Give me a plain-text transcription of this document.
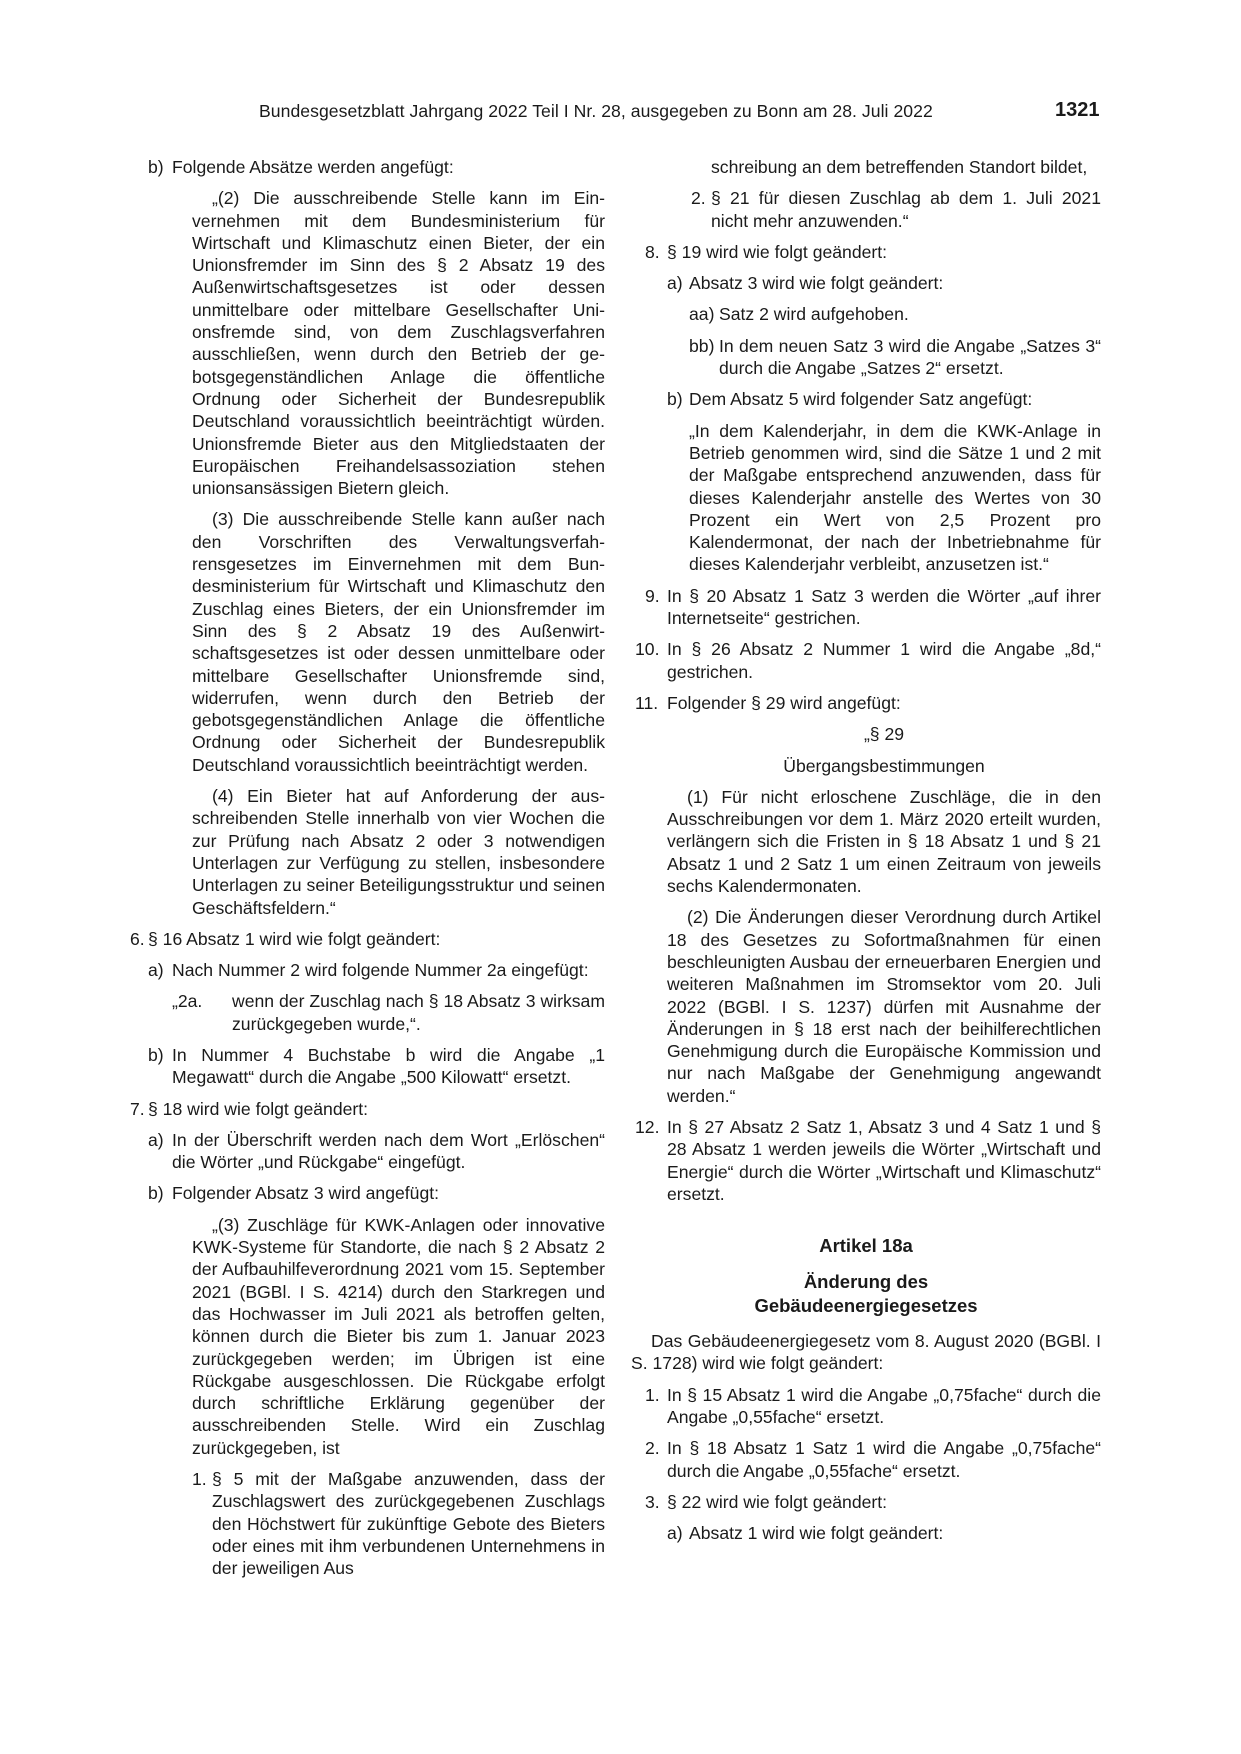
Bundesgesetzblatt Jahrgang 2022 Teil I Nr. 28, ausgegeben zu Bonn am 28. Juli 2022	1321
b) Folgende Absätze werden angefügt:
„(2) Die ausschreibende Stelle kann im Einvernehmen mit dem Bundesministerium für Wirtschaft und Klimaschutz einen Bieter, der ein Unionsfremder im Sinn des § 2 Absatz 19 des Außenwirtschaftsgesetzes ist oder dessen unmittelbare oder mittelbare Gesellschafter Unionsfremde sind, von dem Zuschlagsverfahren ausschließen, wenn durch den Betrieb der gebotsgegenständlichen Anlage die öffentliche Ordnung oder Sicherheit der Bundesrepublik Deutschland voraussichtlich beeinträchtigt würden. Unionsfremde Bieter aus den Mitgliedstaaten der Europäischen Freihandelsassoziation stehen unionsansässigen Bietern gleich.
(3) Die ausschreibende Stelle kann außer nach den Vorschriften des Verwaltungsverfahrensgesetzes im Einvernehmen mit dem Bundesministerium für Wirtschaft und Klimaschutz den Zuschlag eines Bieters, der ein Unionsfremder im Sinn des § 2 Absatz 19 des Außenwirtschaftsgesetzes ist oder dessen unmittelbare oder mittelbare Gesellschafter Unionsfremde sind, widerrufen, wenn durch den Betrieb der gebotsgegenständlichen Anlage die öffentliche Ordnung oder Sicherheit der Bundesrepublik Deutschland voraussichtlich beeinträchtigt werden.
(4) Ein Bieter hat auf Anforderung der ausschreibenden Stelle innerhalb von vier Wochen die zur Prüfung nach Absatz 2 oder 3 notwendigen Unterlagen zur Verfügung zu stellen, insbesondere Unterlagen zu seiner Beteiligungsstruktur und seinen Geschäftsfeldern.“
6. § 16 Absatz 1 wird wie folgt geändert:
a) Nach Nummer 2 wird folgende Nummer 2a eingefügt:
„2a. wenn der Zuschlag nach § 18 Absatz 3 wirksam zurückgegeben wurde,“.
b) In Nummer 4 Buchstabe b wird die Angabe „1 Megawatt“ durch die Angabe „500 Kilowatt“ ersetzt.
7. § 18 wird wie folgt geändert:
a) In der Überschrift werden nach dem Wort „Erlöschen“ die Wörter „und Rückgabe“ eingefügt.
b) Folgender Absatz 3 wird angefügt:
„(3) Zuschläge für KWK-Anlagen oder innovative KWK-Systeme für Standorte, die nach § 2 Absatz 2 der Aufbauhilfeverordnung 2021 vom 15. September 2021 (BGBl. I S. 4214) durch den Starkregen und das Hochwasser im Juli 2021 als betroffen gelten, können durch die Bieter bis zum 1. Januar 2023 zurückgegeben werden; im Übrigen ist eine Rückgabe ausgeschlossen. Die Rückgabe erfolgt durch schriftliche Erklärung gegenüber der ausschreibenden Stelle. Wird ein Zuschlag zurückgegeben, ist
1. § 5 mit der Maßgabe anzuwenden, dass der Zuschlagswert des zurückgegebenen Zuschlags den Höchstwert für zukünftige Gebote des Bieters oder eines mit ihm verbundenen Unternehmens in der jeweiligen Aus
schreibung an dem betreffenden Standort bildet,
2. § 21 für diesen Zuschlag ab dem 1. Juli 2021 nicht mehr anzuwenden.“
8. § 19 wird wie folgt geändert:
a) Absatz 3 wird wie folgt geändert:
aa) Satz 2 wird aufgehoben.
bb) In dem neuen Satz 3 wird die Angabe „Satzes 3“ durch die Angabe „Satzes 2“ ersetzt.
b) Dem Absatz 5 wird folgender Satz angefügt:
„In dem Kalenderjahr, in dem die KWK-Anlage in Betrieb genommen wird, sind die Sätze 1 und 2 mit der Maßgabe entsprechend anzuwenden, dass für dieses Kalenderjahr anstelle des Wertes von 30 Prozent ein Wert von 2,5 Prozent pro Kalendermonat, der nach der Inbetriebnahme für dieses Kalenderjahr verbleibt, anzusetzen ist.“
9. In § 20 Absatz 1 Satz 3 werden die Wörter „auf ihrer Internetseite“ gestrichen.
10. In § 26 Absatz 2 Nummer 1 wird die Angabe „8d,“ gestrichen.
11. Folgender § 29 wird angefügt:
„§ 29
Übergangsbestimmungen
(1) Für nicht erloschene Zuschläge, die in den Ausschreibungen vor dem 1. März 2020 erteilt wurden, verlängern sich die Fristen in § 18 Absatz 1 und § 21 Absatz 1 und 2 Satz 1 um einen Zeitraum von jeweils sechs Kalendermonaten.
(2) Die Änderungen dieser Verordnung durch Artikel 18 des Gesetzes zu Sofortmaßnahmen für einen beschleunigten Ausbau der erneuerbaren Energien und weiteren Maßnahmen im Stromsektor vom 20. Juli 2022 (BGBl. I S. 1237) dürfen mit Ausnahme der Änderungen in § 18 erst nach der beihilferechtlichen Genehmigung durch die Europäische Kommission und nur nach Maßgabe der Genehmigung angewandt werden.“
12. In § 27 Absatz 2 Satz 1, Absatz 3 und 4 Satz 1 und § 28 Absatz 1 werden jeweils die Wörter „Wirtschaft und Energie“ durch die Wörter „Wirtschaft und Klimaschutz“ ersetzt.
Artikel 18a
Änderung des
Gebäudeenergiegesetzes
Das Gebäudeenergiegesetz vom 8. August 2020 (BGBl. I S. 1728) wird wie folgt geändert:
1. In § 15 Absatz 1 wird die Angabe „0,75fache“ durch die Angabe „0,55fache“ ersetzt.
2. In § 18 Absatz 1 Satz 1 wird die Angabe „0,75fache“ durch die Angabe „0,55fache“ ersetzt.
3. § 22 wird wie folgt geändert:
a) Absatz 1 wird wie folgt geändert:
